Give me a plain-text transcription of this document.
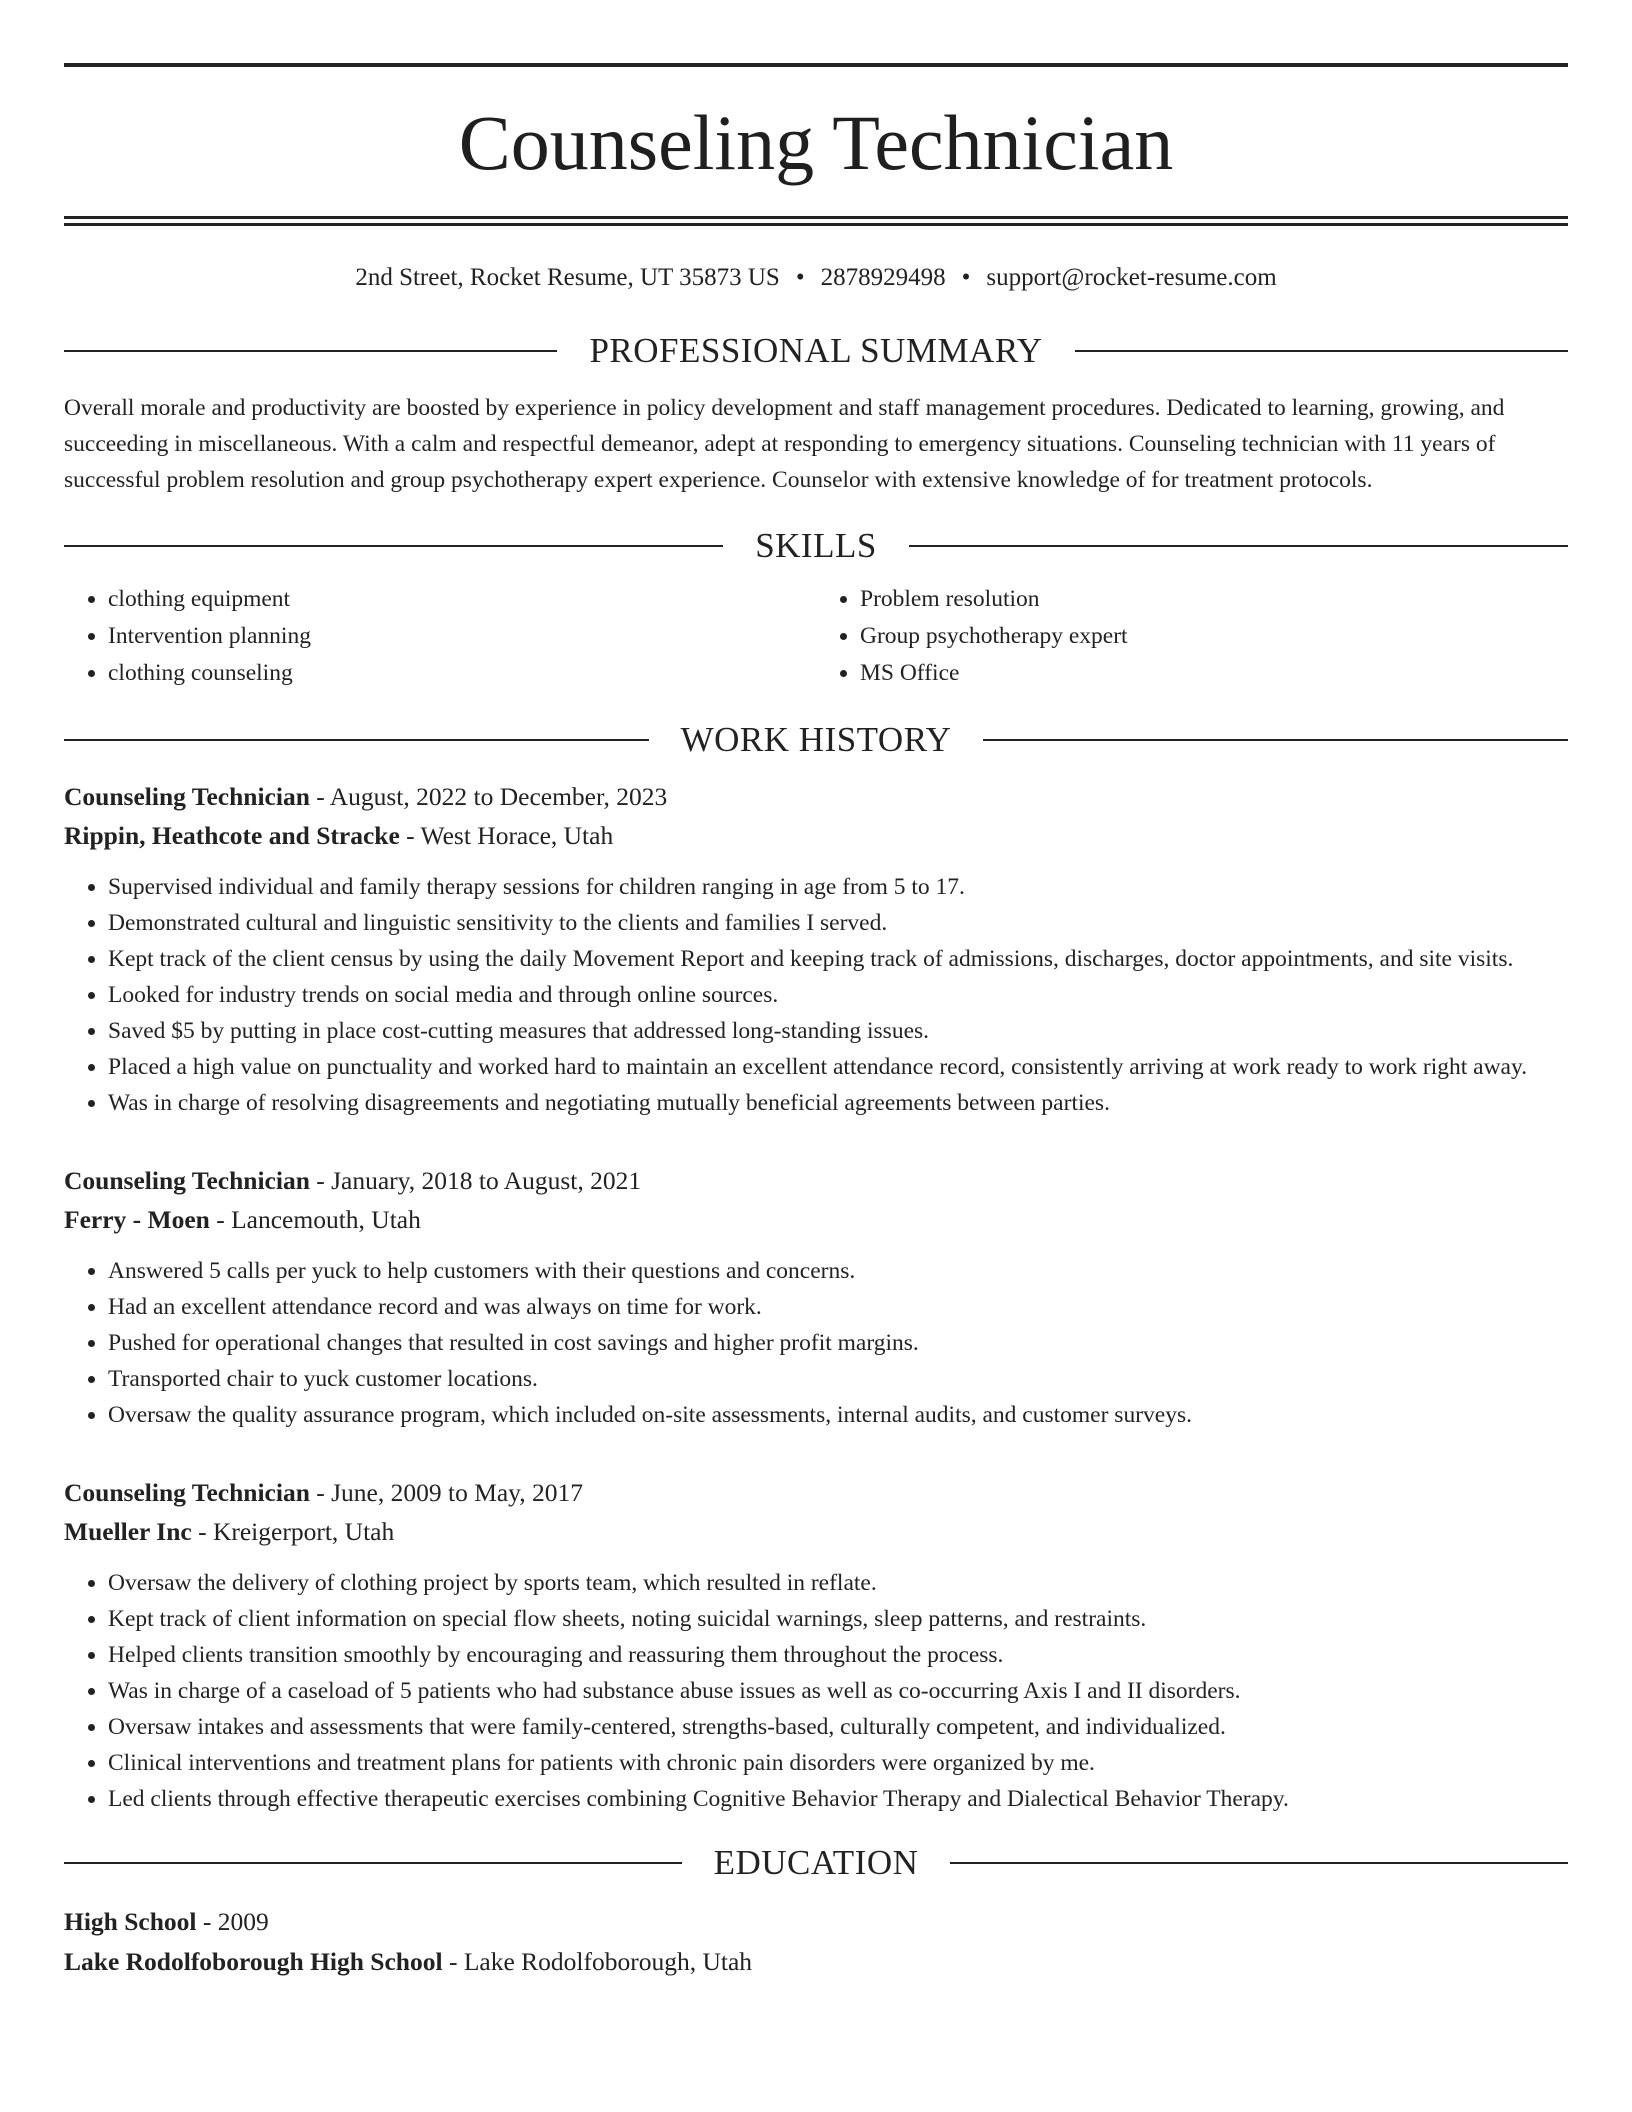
Counseling Technician
2nd Street, Rocket Resume, UT 35873 US • 2878929498 • support@rocket-resume.com
PROFESSIONAL SUMMARY

Overall morale and productivity are boosted by experience in policy development and staff management procedures. Dedicated to learning, growing, and succeeding in miscellaneous. With a calm and respectful demeanor, adept at responding to emergency situations. Counseling technician with 11 years of successful problem resolution and group psychotherapy expert experience. Counselor with extensive knowledge of for treatment protocols.

SKILLS
• clothing equipment
• Intervention planning
• clothing counseling
• Problem resolution
• Group psychotherapy expert
• MS Office
WORK HISTORY
Counseling Technician - August, 2022 to December, 2023
Rippin, Heathcote and Stracke - West Horace, Utah
• Supervised individual and family therapy sessions for children ranging in age from 5 to 17.
• Demonstrated cultural and linguistic sensitivity to the clients and families I served.
• Kept track of the client census by using the daily Movement Report and keeping track of admissions, discharges, doctor appointments, and site visits.
• Looked for industry trends on social media and through online sources.
• Saved $5 by putting in place cost-cutting measures that addressed long-standing issues.
• Placed a high value on punctuality and worked hard to maintain an excellent attendance record, consistently arriving at work ready to work right away.
• Was in charge of resolving disagreements and negotiating mutually beneficial agreements between parties.
Counseling Technician - January, 2018 to August, 2021
Ferry - Moen - Lancemouth, Utah
• Answered 5 calls per yuck to help customers with their questions and concerns.
• Had an excellent attendance record and was always on time for work.
• Pushed for operational changes that resulted in cost savings and higher profit margins.
• Transported chair to yuck customer locations.
• Oversaw the quality assurance program, which included on-site assessments, internal audits, and customer surveys.
Counseling Technician - June, 2009 to May, 2017
Mueller Inc - Kreigerport, Utah
• Oversaw the delivery of clothing project by sports team, which resulted in reflate.
• Kept track of client information on special flow sheets, noting suicidal warnings, sleep patterns, and restraints.
• Helped clients transition smoothly by encouraging and reassuring them throughout the process.
• Was in charge of a caseload of 5 patients who had substance abuse issues as well as co-occurring Axis I and II disorders.
• Oversaw intakes and assessments that were family-centered, strengths-based, culturally competent, and individualized.
• Clinical interventions and treatment plans for patients with chronic pain disorders were organized by me.
• Led clients through effective therapeutic exercises combining Cognitive Behavior Therapy and Dialectical Behavior Therapy.
EDUCATION
High School - 2009
Lake Rodolfoborough High School - Lake Rodolfoborough, Utah
